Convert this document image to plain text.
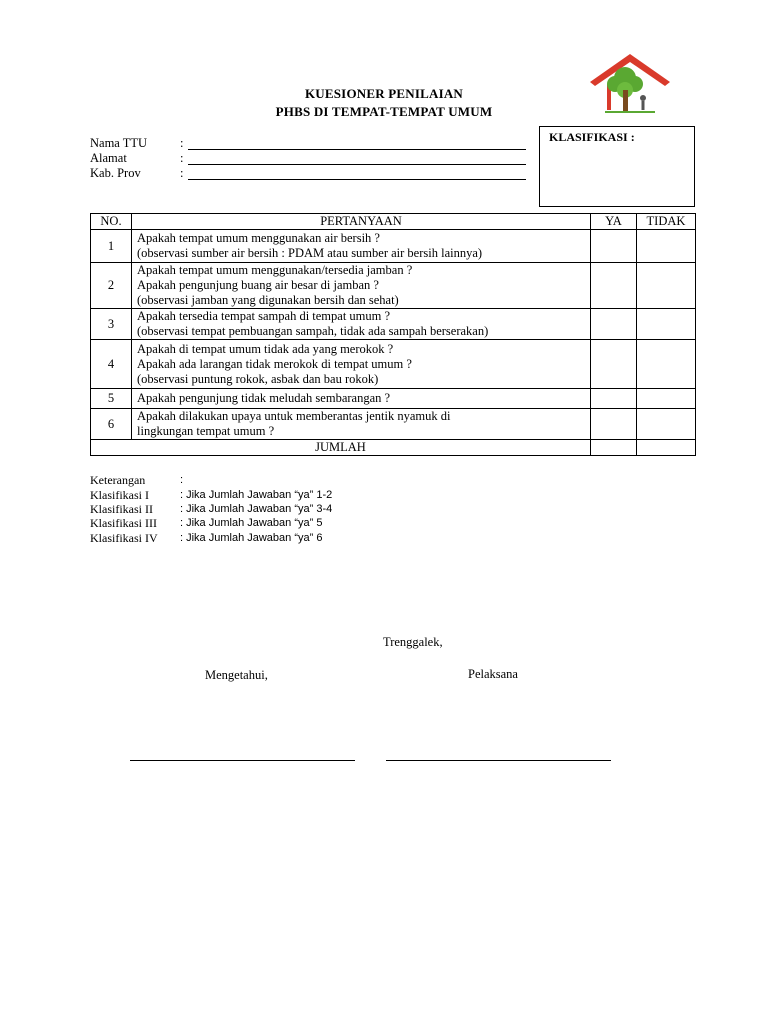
KUESIONER PENILAIAN
PHBS DI TEMPAT-TEMPAT UMUM
Nama TTU	:
Alamat	:
Kab. Prov	:
KLASIFIKASI :
NO.	PERTANYAAN	YA	TIDAK
1	Apakah tempat umum menggunakan air bersih ?
(observasi sumber air bersih : PDAM atau sumber air bersih lainnya)		

2	Apakah tempat umum menggunakan/tersedia jamban ?
Apakah pengunjung buang air besar di jamban ?
(observasi jamban yang digunakan bersih dan sehat)		

3	Apakah tersedia tempat sampah di tempat umum ?
(observasi tempat pembuangan sampah, tidak ada sampah berserakan)		

4	Apakah di tempat umum tidak ada yang merokok ?
Apakah ada larangan tidak merokok di tempat umum ?
(observasi puntung rokok, asbak dan bau rokok)		

5	Apakah pengunjung tidak meludah sembarangan ?		

6	Apakah dilakukan upaya untuk memberantas jentik nyamuk di
lingkungan tempat umum ?		

JUMLAH			
Keterangan	:
Klasifikasi I	: Jika Jumlah Jawaban “ya” 1-2
Klasifikasi II	: Jika Jumlah Jawaban “ya” 3-4
Klasifikasi III	: Jika Jumlah Jawaban “ya” 5
Klasifikasi IV	: Jika Jumlah Jawaban “ya” 6
Trenggalek,
Mengetahui,	Pelaksana
